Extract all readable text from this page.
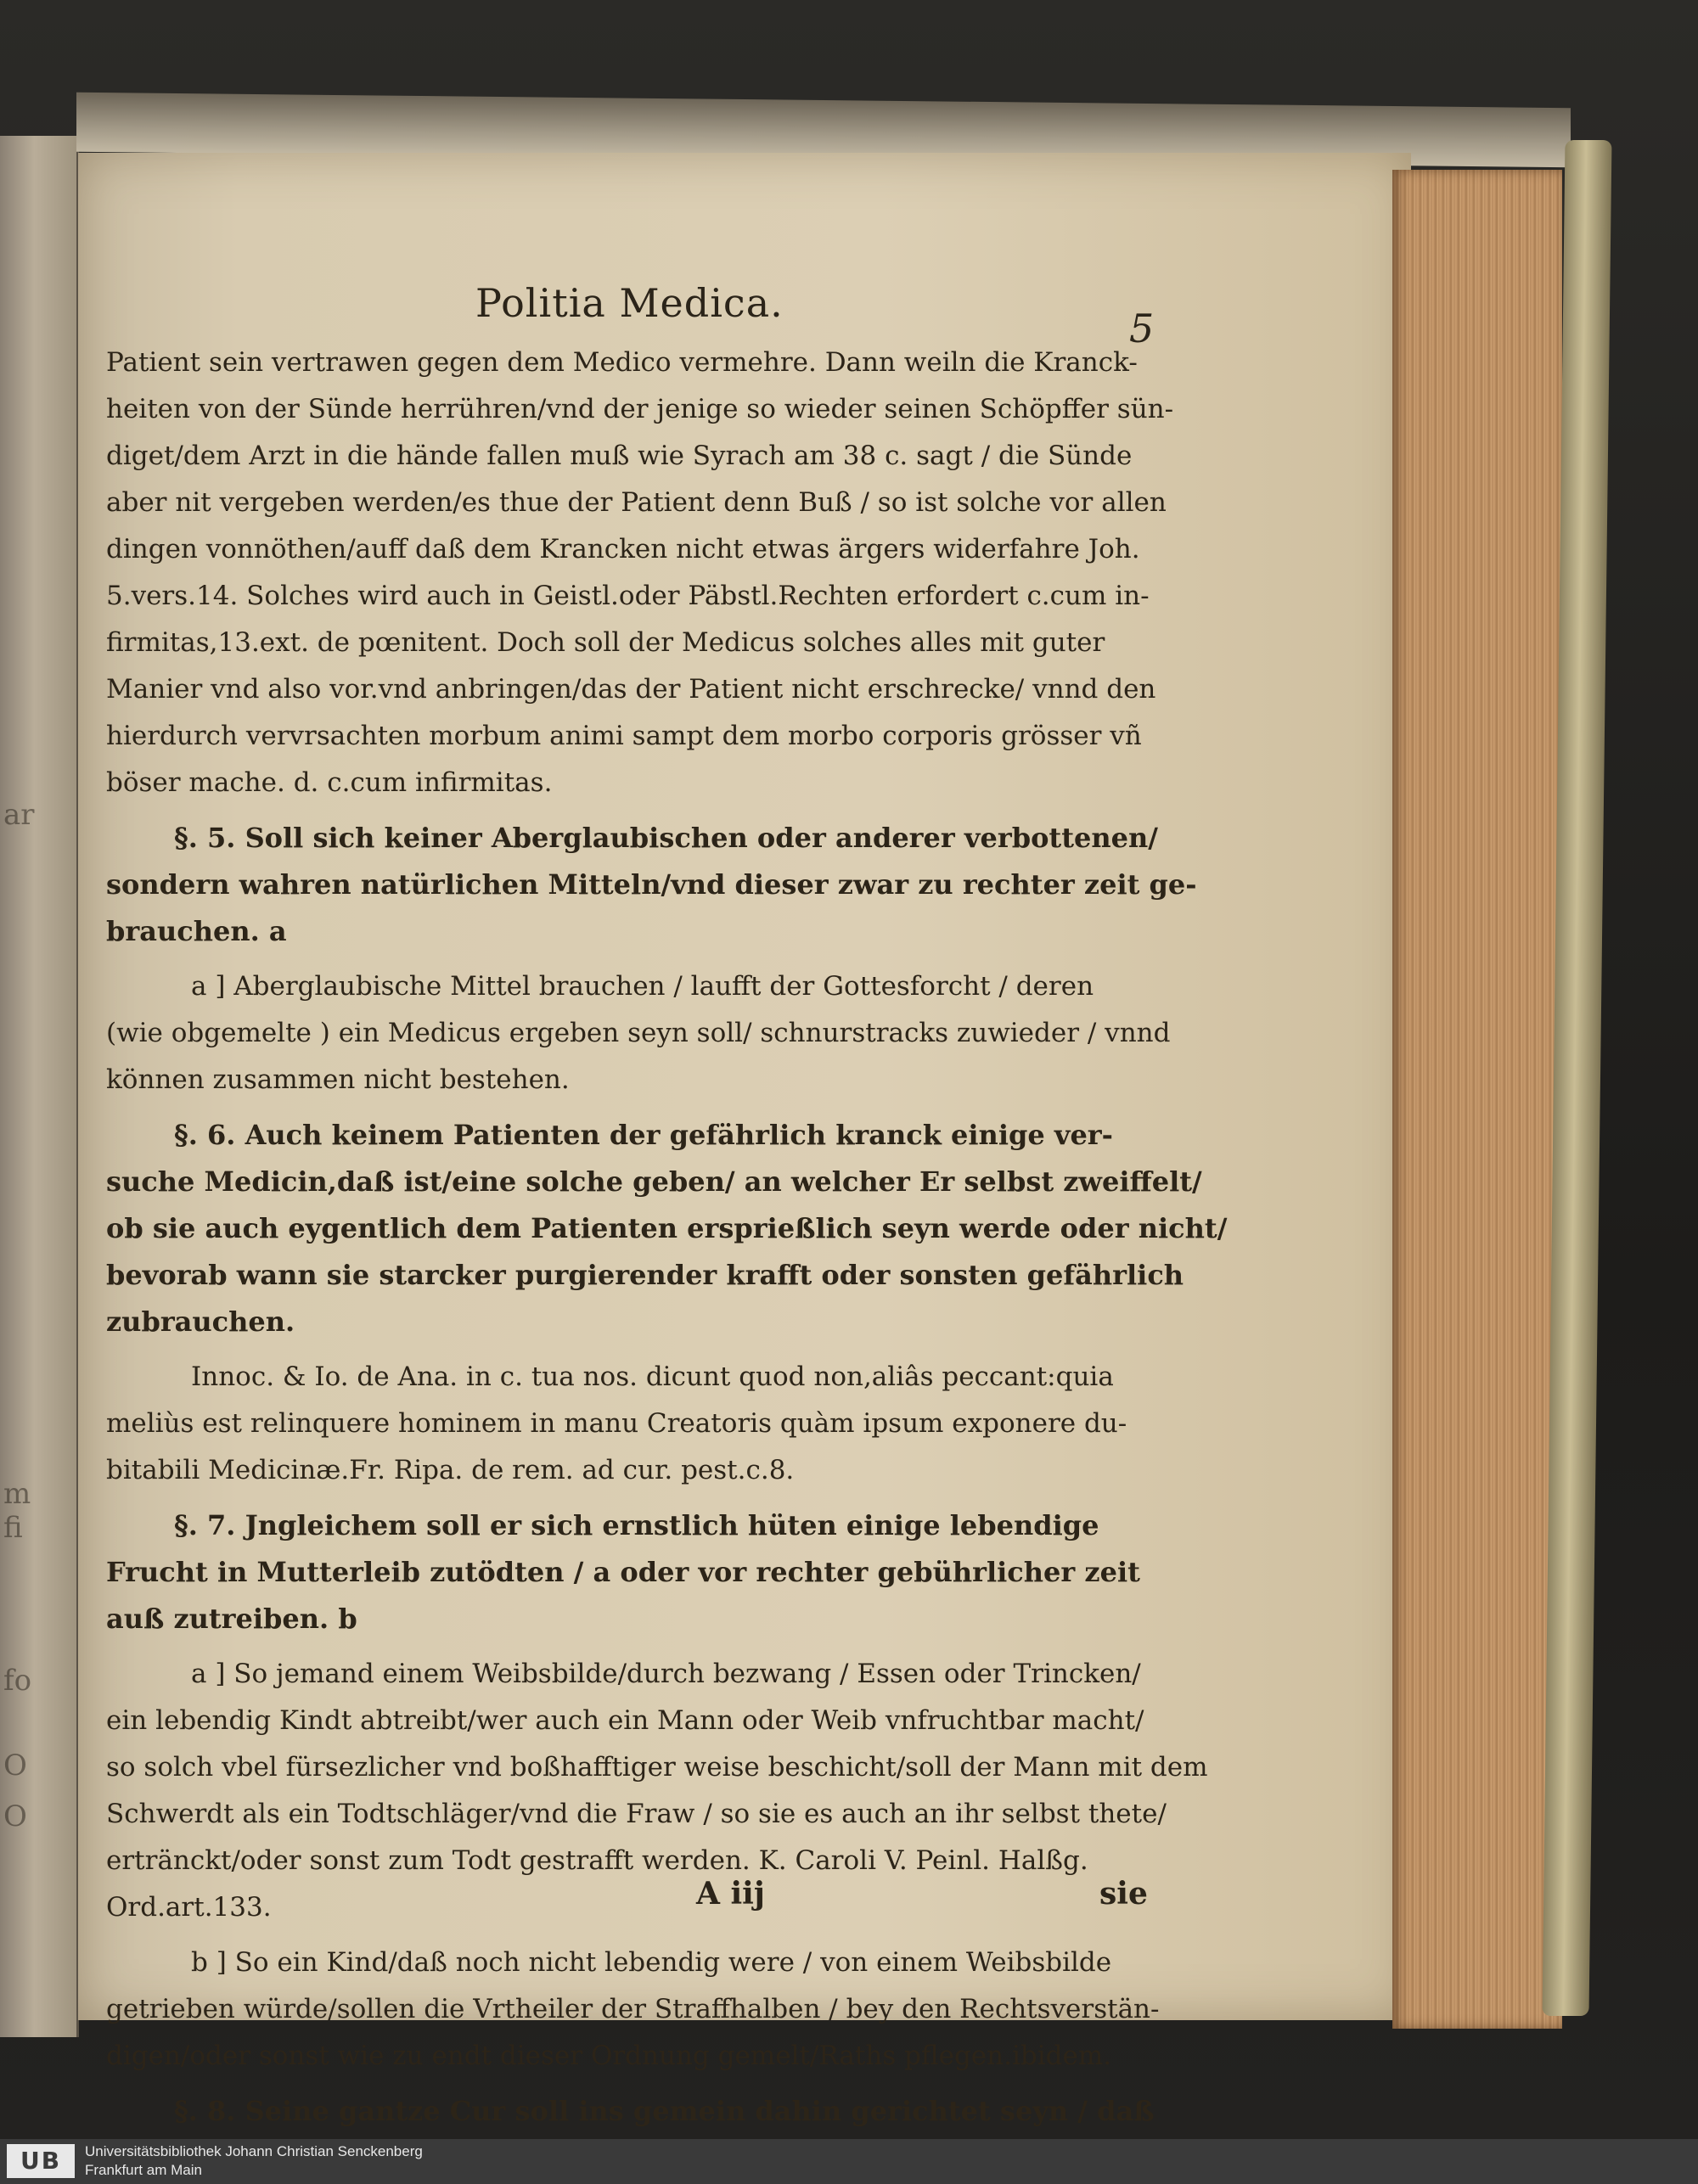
ar
m
fi
fo
O
O
Politia Medica.
5

Patient sein vertrawen gegen dem Medico vermehre. Dann weiln die Kranck-

heiten von der Sünde herrühren/vnd der jenige so wieder seinen Schöpffer sün-

diget/dem Arzt in die hände fallen muß wie Syrach am 38 c. sagt / die Sünde

aber nit vergeben werden/es thue der Patient denn Buß / so ist solche vor allen

dingen vonnöthen/auff daß dem Krancken nicht etwas ärgers widerfahre Joh.

5.vers.14. Solches wird auch in Geistl.oder Päbstl.Rechten erfordert c.cum in-

firmitas,13.ext. de pœnitent. Doch soll der Medicus solches alles mit guter

Manier vnd also vor.vnd anbringen/das der Patient nicht erschrecke/ vnnd den

hierdurch vervrsachten morbum animi sampt dem morbo corporis grösser vñ

böser mache. d. c.cum infirmitas.

§. 5. Soll sich keiner Aberglaubischen oder anderer verbottenen/

sondern wahren natürlichen Mitteln/vnd dieser zwar zu rechter zeit ge-

brauchen. a

a ] Aberglaubische Mittel brauchen / laufft der Gottesforcht / deren

(wie obgemelte ) ein Medicus ergeben seyn soll/ schnurstracks zuwieder / vnnd

können zusammen nicht bestehen.

§. 6. Auch keinem Patienten der gefährlich kranck einige ver-

suche Medicin,daß ist/eine solche geben/ an welcher Er selbst zweiffelt/

ob sie auch eygentlich dem Patienten ersprießlich seyn werde oder nicht/

bevorab wann sie starcker purgierender krafft oder sonsten gefährlich

zubrauchen.

Innoc. & Io. de Ana. in c. tua nos. dicunt quod non,aliâs peccant:quia

meliùs est relinquere hominem in manu Creatoris quàm ipsum exponere du-

bitabili Medicinæ.Fr. Ripa. de rem. ad cur. pest.c.8.

§. 7. Jngleichem soll er sich ernstlich hüten einige lebendige

Frucht in Mutterleib zutödten / a oder vor rechter gebührlicher zeit

auß zutreiben. b

a ] So jemand einem Weibsbilde/durch bezwang / Essen oder Trincken/

ein lebendig Kindt abtreibt/wer auch ein Mann oder Weib vnfruchtbar macht/

so solch vbel fürsezlicher vnd boßhafftiger weise beschicht/soll der Mann mit dem

Schwerdt als ein Todtschläger/vnd die Fraw / so sie es auch an ihr selbst thete/

ertränckt/oder sonst zum Todt gestrafft werden. K. Caroli V. Peinl. Halßg.

Ord.art.133.

b ] So ein Kind/daß noch nicht lebendig were / von einem Weibsbilde

getrieben würde/sollen die Vrtheiler der Straffhalben / bey den Rechtsverstän-

digen/oder sonst wie zu endt dieser Ordnung gemelt/Raths pflegen.ibidem.

§. 8. Seine gantze Cur soll ins gemein dahin gerichtet seyn / daß

A iij	sie
UB	Universitätsbibliothek Johann Christian Senckenberg
Frankfurt am Main
